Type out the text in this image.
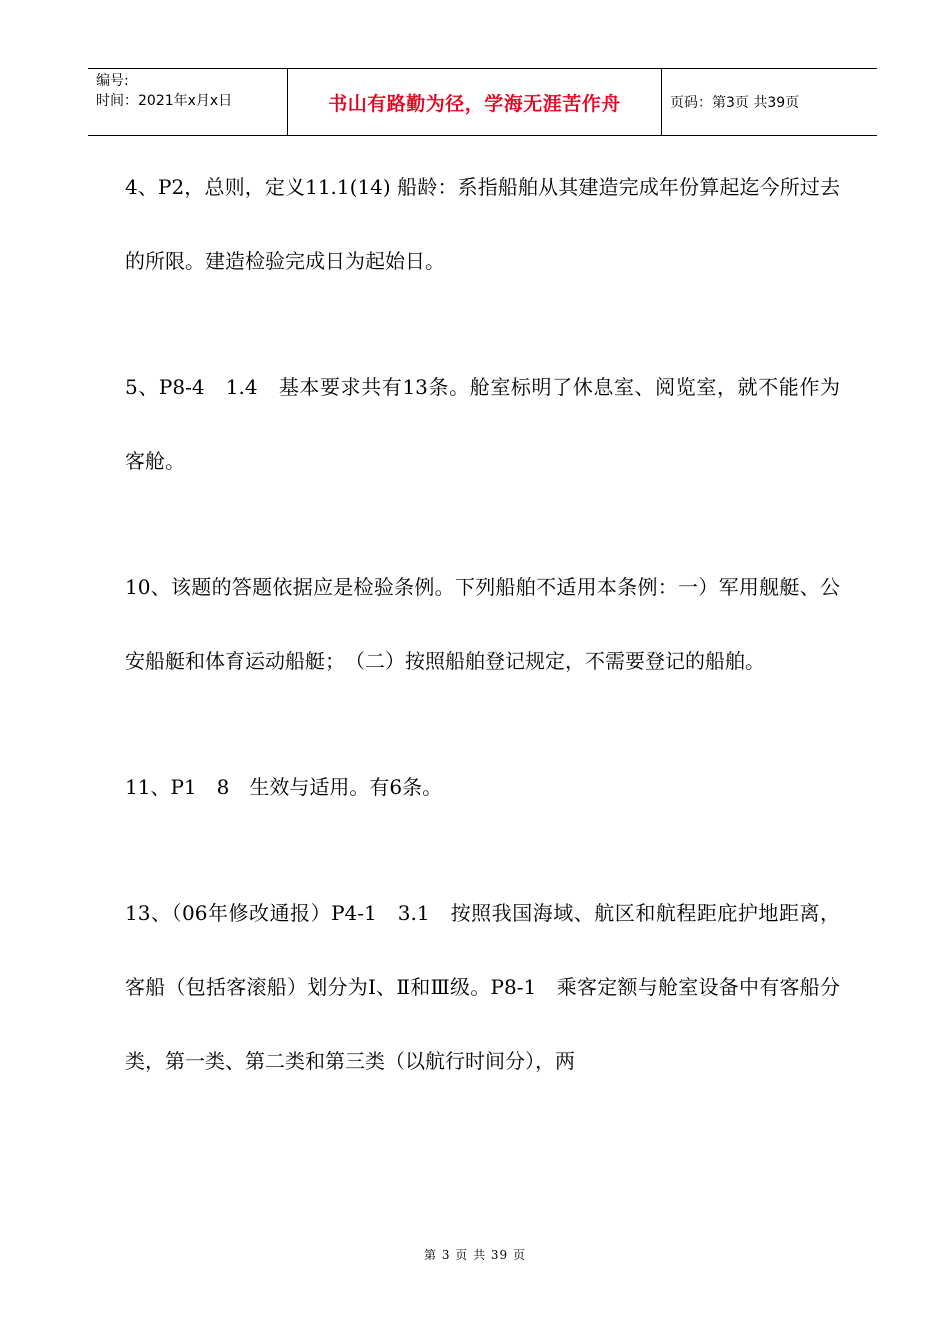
编号:
时间：2021年x月x日	书山有路勤为径，学海无涯苦作舟	页码：第3页 共39页

4、P2，总则，定义11.1(14) 船龄：系指船舶从其建造完成年份算起迄今所过去的所限。建造检验完成日为起始日。

5、P8-4　1.4　基本要求共有13条。舱室标明了休息室、阅览室，就不能作为客舱。

10、该题的答题依据应是检验条例。下列船舶不适用本条例：一）军用舰艇、公安船艇和体育运动船艇；　（二）按照船舶登记规定，不需要登记的船舶。

11、P1　8　生效与适用。有6条。

13、（06年修改通报）P4-1　3.1　按照我国海域、航区和航程距庇护地距离，客船（包括客滚船）划分为Ⅰ、Ⅱ和Ⅲ级。P8-1　乘客定额与舱室设备中有客船分类，第一类、第二类和第三类（以航行时间分），两

第 3 页 共 39 页
